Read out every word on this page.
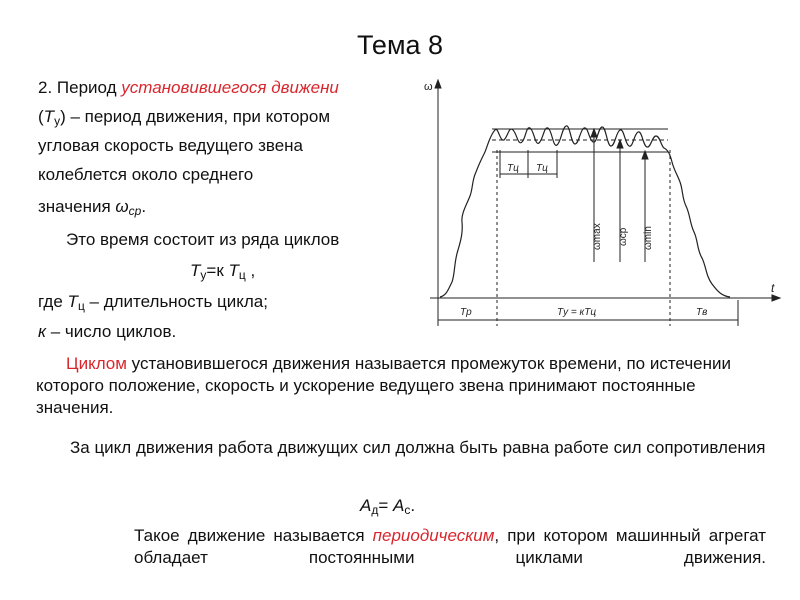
Тема 8
2. Период установившегося движени
$(T_у)$ – период движения, при котором
угловая скорость ведущего звена
колеблется около среднего
значения $\omega_{ср}$.
Это время состоит из ряда циклов
$T_у=к$ $T_ц$ ,
где $T_ц$ – длительность цикла;
к – число циклов.
Циклом установившегося движения называется промежуток времени, по истечении которого положение, скорость и ускорение ведущего звена принимают постоянные значения.
За цикл движения работа движущих сил должна быть равна работе сил сопротивления
$A_д= A_с$.
Такое движение называется периодическим, при котором машинный агрегат обладает постоянными циклами движения.
ω
t
Tц Tц
ωmax ωср ωmin
Tр	Tу = кTц	Tв
